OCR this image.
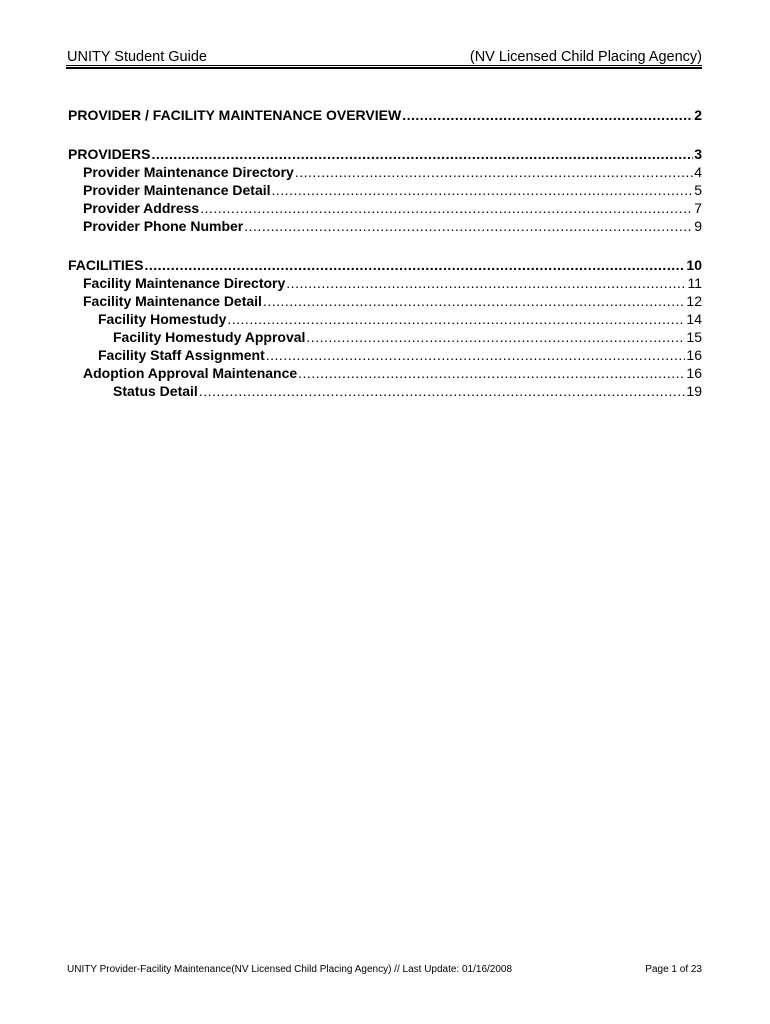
UNITY Student Guide	(NV Licensed Child Placing Agency)
PROVIDER / FACILITY MAINTENANCE OVERVIEW .....	2
PROVIDERS .....	3
Provider Maintenance Directory .....	4
Provider Maintenance Detail .....	5
Provider Address .....	7
Provider Phone Number .....	9
FACILITIES .....	10
Facility Maintenance Directory .....	11
Facility Maintenance Detail .....	12
Facility Homestudy .....	14
Facility Homestudy Approval .....	15
Facility Staff Assignment .....	16
Adoption Approval Maintenance .....	16
Status Detail .....	19
UNITY Provider-Facility Maintenance(NV Licensed Child Placing Agency) // Last Update: 01/16/2008	Page 1 of 23
